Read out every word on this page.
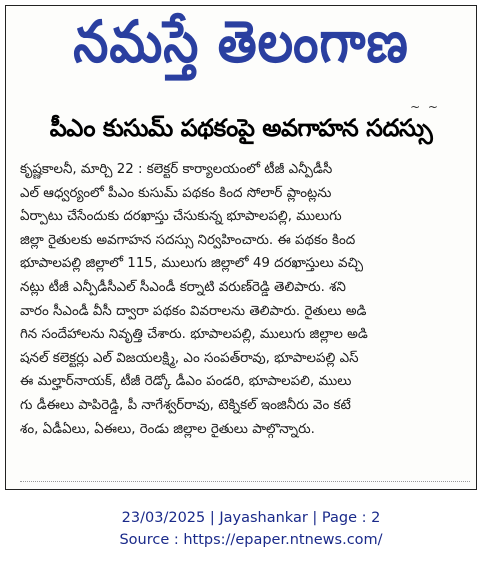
నమస్తే తెలంగాణ
~ ~
పీఎం కుసుమ్ పథకంపై అవగాహన సదస్సు
కృష్ణకాలనీ, మార్చి 22 : కలెక్టర్ కార్యాలయంలో టీజీ ఎన్పీడీసీ
ఎల్ ఆధ్వర్యంలో పీఎం కుసుమ్ పథకం కింద సోలార్ ప్లాంట్లను
ఏర్పాటు చేసేందుకు దరఖాస్తు చేసుకున్న భూపాలపల్లి, ములుగు
జిల్లా రైతులకు అవగాహన సదస్సు నిర్వహించారు. ఈ పథకం కింద
భూపాలపల్లి జిల్లాలో 115, ములుగు జిల్లాలో 49 దరఖాస్తులు వచ్చి
నట్లు టీజీ ఎన్పీడీసీఎల్ సీఎండీ కర్నాటి వరుణ్‌రెడ్డి తెలిపారు. శని
వారం సీఎండీ వీసీ ద్వారా పథకం వివరాలను తెలిపారు. రైతులు అడి
గిన సందేహాలను నివృత్తి చేశారు. భూపాలపల్లి, ములుగు జిల్లాల అడి
షనల్ కలెక్టర్లు ఎల్ విజయలక్ష్మి, ఎం సంపత్‌రావు, భూపాలపల్లి ఎస్
ఈ మల్హార్‌నాయక్, టీజీ రెడ్కో డీఎం పండరి, భూపాలపలి, ములు
గు డీఈలు పాపిరెడ్డి, పీ నాగేశ్వర్‌రావు, టెక్నికల్ ఇంజినీరు వెం కటే
శం, ఏడీఏలు, ఏఈలు, రెండు జిల్లాల రైతులు పాల్గొన్నారు.
23/03/2025 | Jayashankar | Page : 2
Source : https://epaper.ntnews.com/
